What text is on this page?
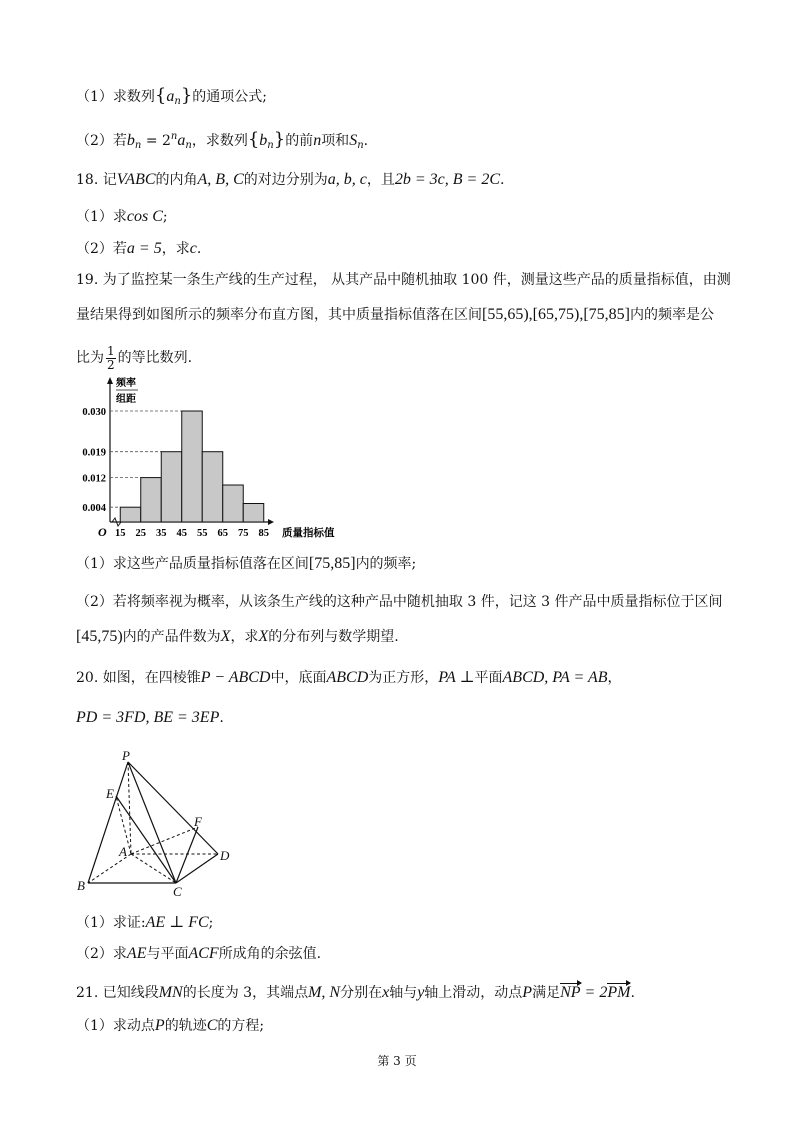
（1）求数列$\{a_n\}$的通项公式;
（2）若$b_n = 2^na_n$，求数列$\{b_n\}$的前n项和$S_n$.
18. 记VABC的内角A, B, C的对边分别为a, b, c，且2b = 3c, B = 2C.
（1）求cos C;
（2）若a = 5，求c.
19. 为了监控某一条生产线的生产过程， 从其产品中随机抽取 100 件，测量这些产品的质量指标值，由测
量结果得到如图所示的频率分布直方图，其中质量指标值落在区间[55,65),[65,75),[75,85]内的频率是公
比为 $\frac{1}{2}$ 的等比数列.
0.030
0.019
0.012
0.004
15 25 35 45 55 65 75 85
O	质量指标值
频率
组距
（1）求这些产品质量指标值落在区间[75,85]内的频率;
（2）若将频率视为概率，从该条生产线的这种产品中随机抽取 3 件，记这 3 件产品中质量指标位于区间
[45,75)内的产品件数为X，求X的分布列与数学期望.
20. 如图，在四棱锥P − ABCD中，底面ABCD为正方形，PA ⊥平面ABCD, PA = AB，
PD = 3FD, BE = 3EP.
P
E
F
A	D
B	C
（1）求证:AE ⊥ FC;
（2）求AE与平面ACF所成角的余弦值.
21. 已知线段MN的长度为 3，其端点M, N分别在x轴与y轴上滑动，动点P满足NP = 2PM.
（1）求动点P的轨迹C的方程;
第 3 页
